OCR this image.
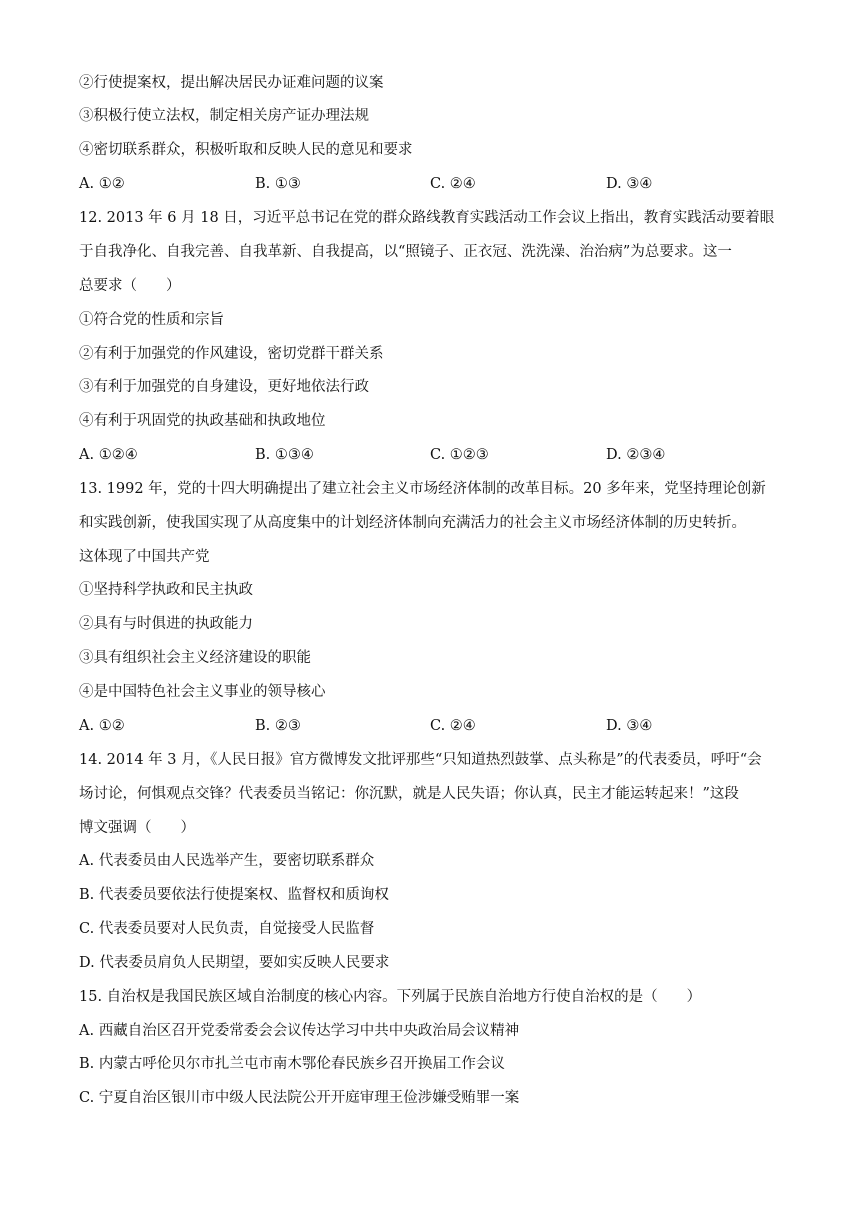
②行使提案权，提出解决居民办证难问题的议案
③积极行使立法权，制定相关房产证办理法规
④密切联系群众，积极听取和反映人民的意见和要求
A. ①②	B. ①③	C. ②④	D. ③④
12. 2013 年 6 月 18 日，习近平总书记在党的群众路线教育实践活动工作会议上指出，教育实践活动要着眼
于自我净化、自我完善、自我革新、自我提高，以“照镜子、正衣冠、洗洗澡、治治病”为总要求。这一
总要求（　　）
①符合党的性质和宗旨
②有利于加强党的作风建设，密切党群干群关系
③有利于加强党的自身建设，更好地依法行政
④有利于巩固党的执政基础和执政地位
A. ①②④	B. ①③④	C. ①②③	D. ②③④
13. 1992 年，党的十四大明确提出了建立社会主义市场经济体制的改革目标。20 多年来，党坚持理论创新
和实践创新，使我国实现了从高度集中的计划经济体制向充满活力的社会主义市场经济体制的历史转折。
这体现了中国共产党
①坚持科学执政和民主执政
②具有与时俱进的执政能力
③具有组织社会主义经济建设的职能
④是中国特色社会主义事业的领导核心
A. ①②	B. ②③	C. ②④	D. ③④
14. 2014 年 3 月，《人民日报》官方微博发文批评那些“只知道热烈鼓掌、点头称是”的代表委员，呼吁“会
场讨论，何惧观点交锋？代表委员当铭记：你沉默，就是人民失语；你认真，民主才能运转起来！”这段
博文强调（　　）
A. 代表委员由人民选举产生，要密切联系群众
B. 代表委员要依法行使提案权、监督权和质询权
C. 代表委员要对人民负责，自觉接受人民监督
D. 代表委员肩负人民期望，要如实反映人民要求
15. 自治权是我国民族区域自治制度的核心内容。下列属于民族自治地方行使自治权的是（　　）
A. 西藏自治区召开党委常委会会议传达学习中共中央政治局会议精神
B. 内蒙古呼伦贝尔市扎兰屯市南木鄂伦春民族乡召开换届工作会议
C. 宁夏自治区银川市中级人民法院公开开庭审理王俭涉嫌受贿罪一案
